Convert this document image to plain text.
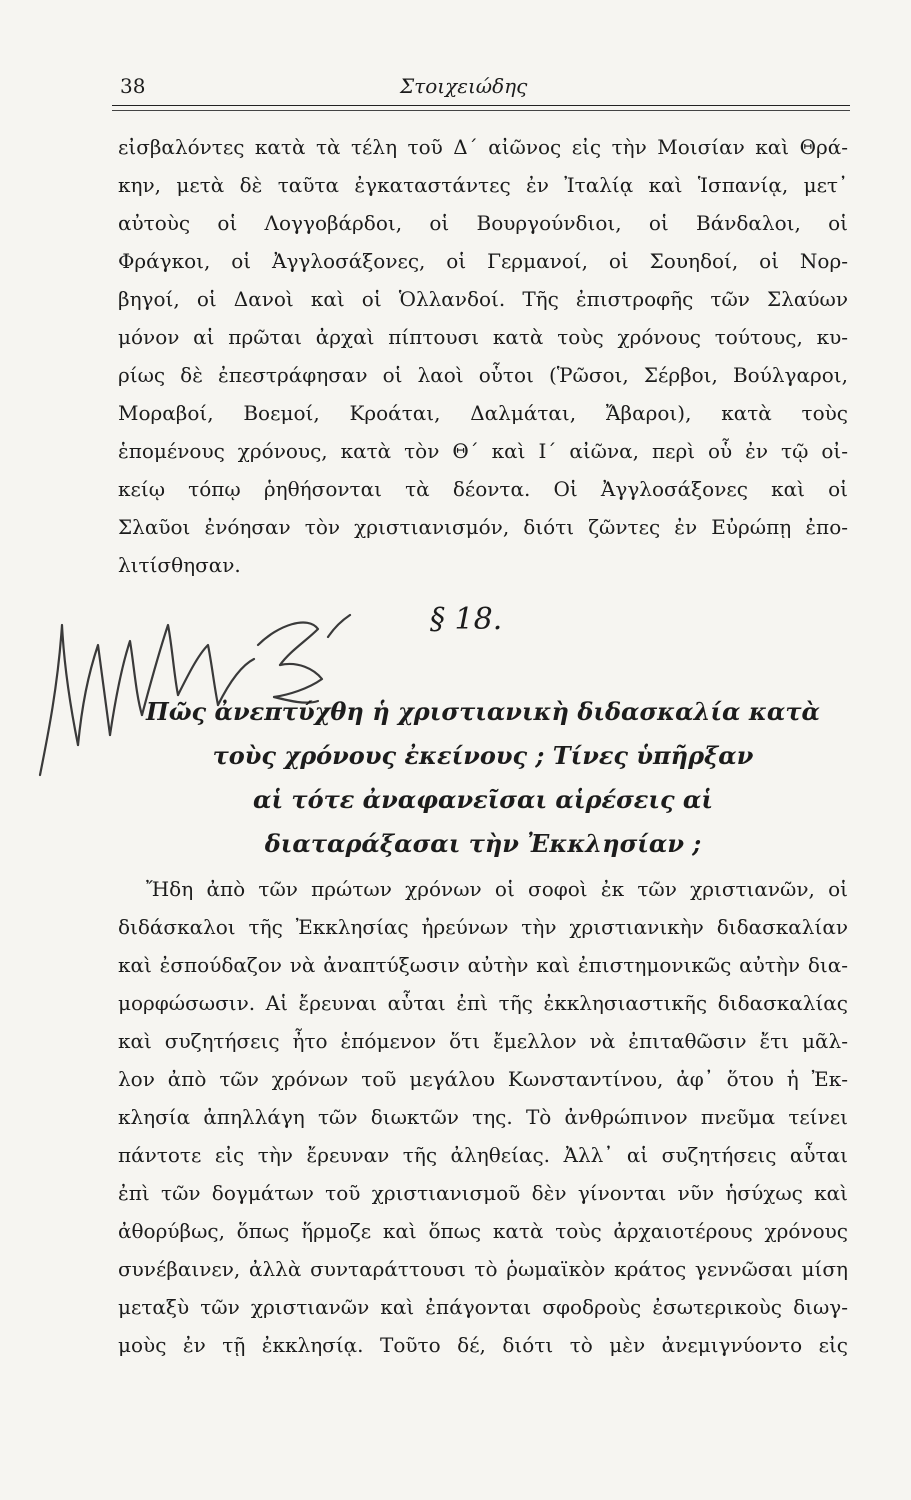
38	Στοιχειώδης
εἰσβαλόντες κατὰ τὰ τέλη τοῦ Δ΄ αἰῶνος εἰς τὴν Μοισίαν καὶ Θρά-
κην, μετὰ δὲ ταῦτα ἐγκαταστάντες ἐν Ἰταλίᾳ καὶ Ἱσπανίᾳ, μετ᾽
αὐτοὺς οἱ Λογγοβάρδοι, οἱ Βουργούνδιοι, οἱ Βάνδαλοι, οἱ
Φράγκοι, οἱ Ἀγγλοσάξονες, οἱ Γερμανοί, οἱ Σουηδοί, οἱ Νορ-
βηγοί, οἱ Δανοὶ καὶ οἱ Ὁλλανδοί. Τῆς ἐπιστροφῆς τῶν Σλαύων
μόνον αἱ πρῶται ἀρχαὶ πίπτουσι κατὰ τοὺς χρόνους τούτους, κυ-
ρίως δὲ ἐπεστράφησαν οἱ λαοὶ οὗτοι (Ῥῶσοι, Σέρβοι, Βούλγαροι,
Μοραβοί, Βοεμοί, Κροάται, Δαλμάται, Ἄβαροι), κατὰ τοὺς
ἑπομένους χρόνους, κατὰ τὸν Θ΄ καὶ Ι΄ αἰῶνα, περὶ οὗ ἐν τῷ οἰ-
κείῳ τόπῳ ῥηθήσονται τὰ δέοντα. Οἱ Ἀγγλοσάξονες καὶ οἱ
Σλαῦοι ἐνόησαν τὸν χριστιανισμόν, διότι ζῶντες ἐν Εὐρώπῃ ἐπο-
λιτίσθησαν.
§ 18.
Πῶς ἀνεπτύχθη ἡ χριστιανικὴ διδασκαλία κατὰ
τοὺς χρόνους ἐκείνους ; Τίνες ὑπῆρξαν
αἱ τότε ἀναφανεῖσαι αἱρέσεις αἱ
διαταράξασαι τὴν Ἐκκλησίαν ;
Ἤδη ἀπὸ τῶν πρώτων χρόνων οἱ σοφοὶ ἐκ τῶν χριστιανῶν, οἱ
διδάσκαλοι τῆς Ἐκκλησίας ἠρεύνων τὴν χριστιανικὴν διδασκαλίαν
καὶ ἐσπούδαζον νὰ ἀναπτύξωσιν αὐτὴν καὶ ἐπιστημονικῶς αὐτὴν δια-
μορφώσωσιν. Αἱ ἔρευναι αὗται ἐπὶ τῆς ἐκκλησιαστικῆς διδασκαλίας
καὶ συζητήσεις ἦτο ἑπόμενον ὅτι ἔμελλον νὰ ἐπιταθῶσιν ἔτι μᾶλ-
λον ἀπὸ τῶν χρόνων τοῦ μεγάλου Κωνσταντίνου, ἀφ᾽ ὅτου ἡ Ἐκ-
κλησία ἀπηλλάγη τῶν διωκτῶν της. Τὸ ἀνθρώπινον πνεῦμα τείνει
πάντοτε εἰς τὴν ἔρευναν τῆς ἀληθείας. Ἀλλ᾽ αἱ συζητήσεις αὗται
ἐπὶ τῶν δογμάτων τοῦ χριστιανισμοῦ δὲν γίνονται νῦν ἡσύχως καὶ
ἀθορύβως, ὅπως ἥρμοζε καὶ ὅπως κατὰ τοὺς ἀρχαιοτέρους χρόνους
συνέβαινεν, ἀλλὰ συνταράττουσι τὸ ῥωμαϊκὸν κράτος γεννῶσαι μίση
μεταξὺ τῶν χριστιανῶν καὶ ἐπάγονται σφοδροὺς ἐσωτερικοὺς διωγ-
μοὺς ἐν τῇ ἐκκλησίᾳ. Τοῦτο δέ, διότι τὸ μὲν ἀνεμιγνύοντο εἰς
